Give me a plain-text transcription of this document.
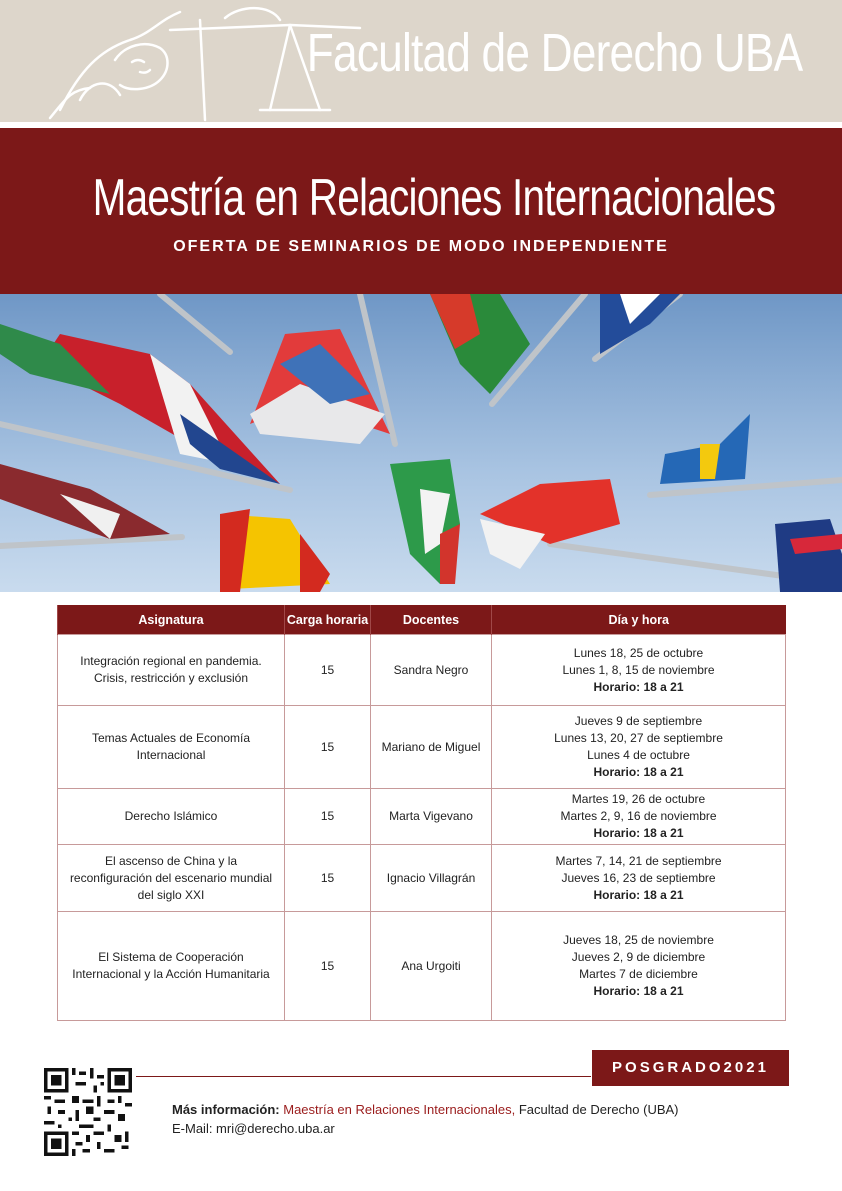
Facultad de Derecho UBA
Maestría en Relaciones Internacionales
OFERTA DE SEMINARIOS DE MODO INDEPENDIENTE
Asignatura	Carga horaria	Docentes	Día y hora
Integración regional en pandemia. Crisis, restricción y exclusión	15	Sandra Negro	Lunes 18, 25 de octubre
Lunes 1, 8, 15 de noviembre
Horario: 18 a 21

Temas Actuales de Economía Internacional	15	Mariano de Miguel	Jueves 9 de septiembre
Lunes 13, 20, 27 de septiembre
Lunes 4 de octubre
Horario: 18 a 21

Derecho Islámico	15	Marta Vigevano	Martes 19, 26 de octubre
Martes 2, 9, 16 de noviembre
Horario: 18 a 21

El ascenso de China y la reconfiguración del escenario mundial del siglo XXI	15	Ignacio Villagrán	Martes 7, 14, 21 de septiembre
Jueves 16, 23 de septiembre
Horario: 18 a 21

El Sistema de Cooperación Internacional y la Acción Humanitaria	15	Ana Urgoiti	Jueves 18, 25 de noviembre
Jueves 2, 9 de diciembre
Martes 7 de diciembre
Horario: 18 a 21
POSGRADO2021
Más información: Maestría en Relaciones Internacionales, Facultad de Derecho (UBA)
E-Mail: mri@derecho.uba.ar
